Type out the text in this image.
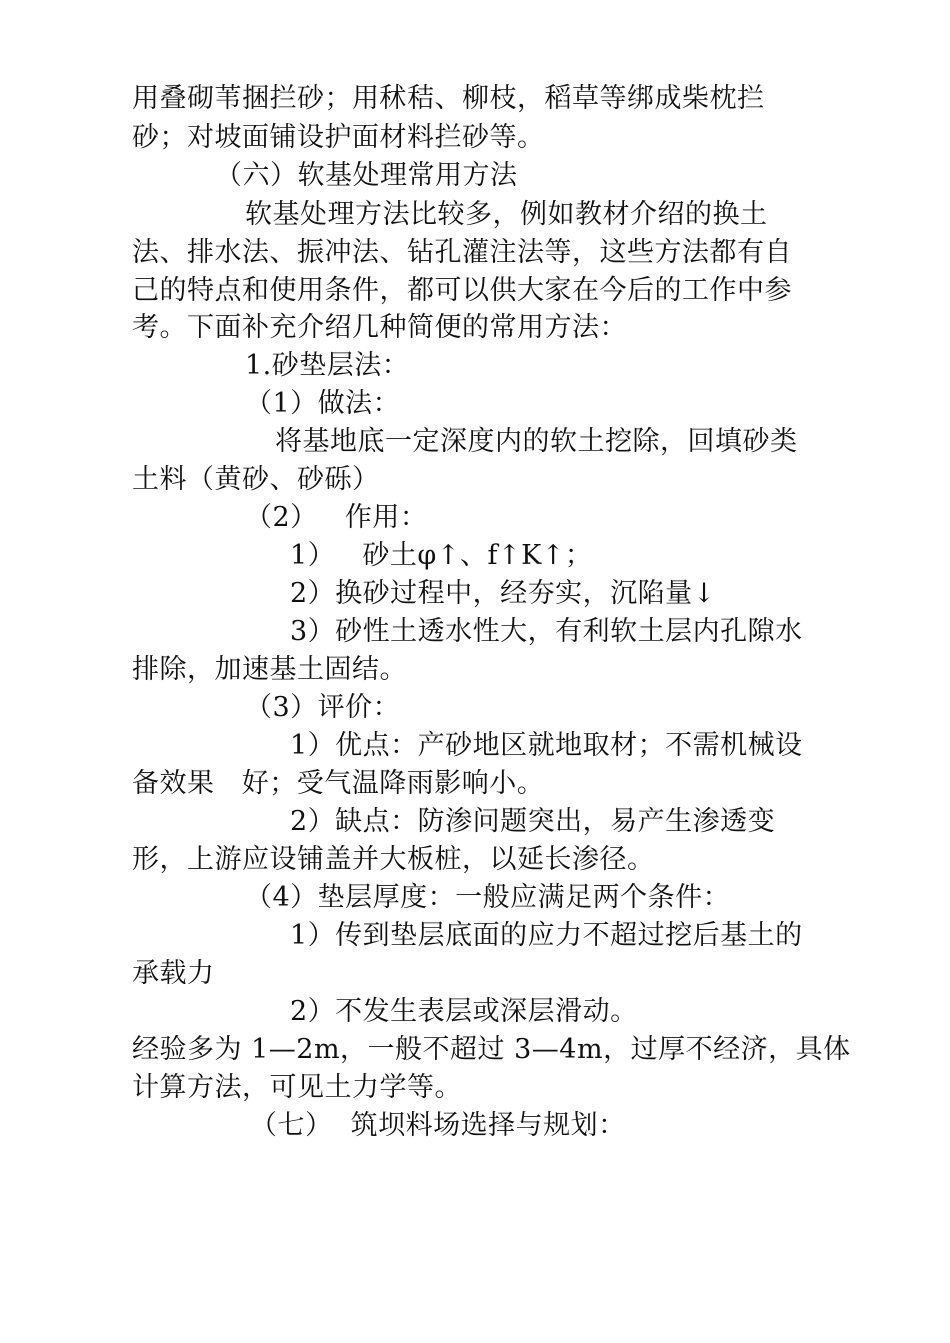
用叠砌苇捆拦砂；用秫秸、柳枝，稻草等绑成柴枕拦
砂；对坡面铺设护面材料拦砂等。
（六）软基处理常用方法
软基处理方法比较多，例如教材介绍的换土
法、排水法、振冲法、钻孔灌注法等，这些方法都有自
己的特点和使用条件，都可以供大家在今后的工作中参
考。下面补充介绍几种简便的常用方法：
1.砂垫层法：
（1）做法：
将基地底一定深度内的软土挖除，回填砂类
土料（黄砂、砂砾）
（2）   作用：
1）   砂土φ↑、f↑K↑；
2）换砂过程中，经夯实，沉陷量↓
3）砂性土透水性大，有利软土层内孔隙水
排除，加速基土固结。
（3）评价：
1）优点：产砂地区就地取材；不需机械设
备效果   好；受气温降雨影响小。
2）缺点：防渗问题突出，易产生渗透变
形，上游应设铺盖并大板桩，以延长渗径。
（4）垫层厚度：一般应满足两个条件：
1）传到垫层底面的应力不超过挖后基土的
承载力
2）不发生表层或深层滑动。
经验多为 1—2m，一般不超过 3—4m，过厚不经济，具体
计算方法，可见土力学等。
（七）  筑坝料场选择与规划：
